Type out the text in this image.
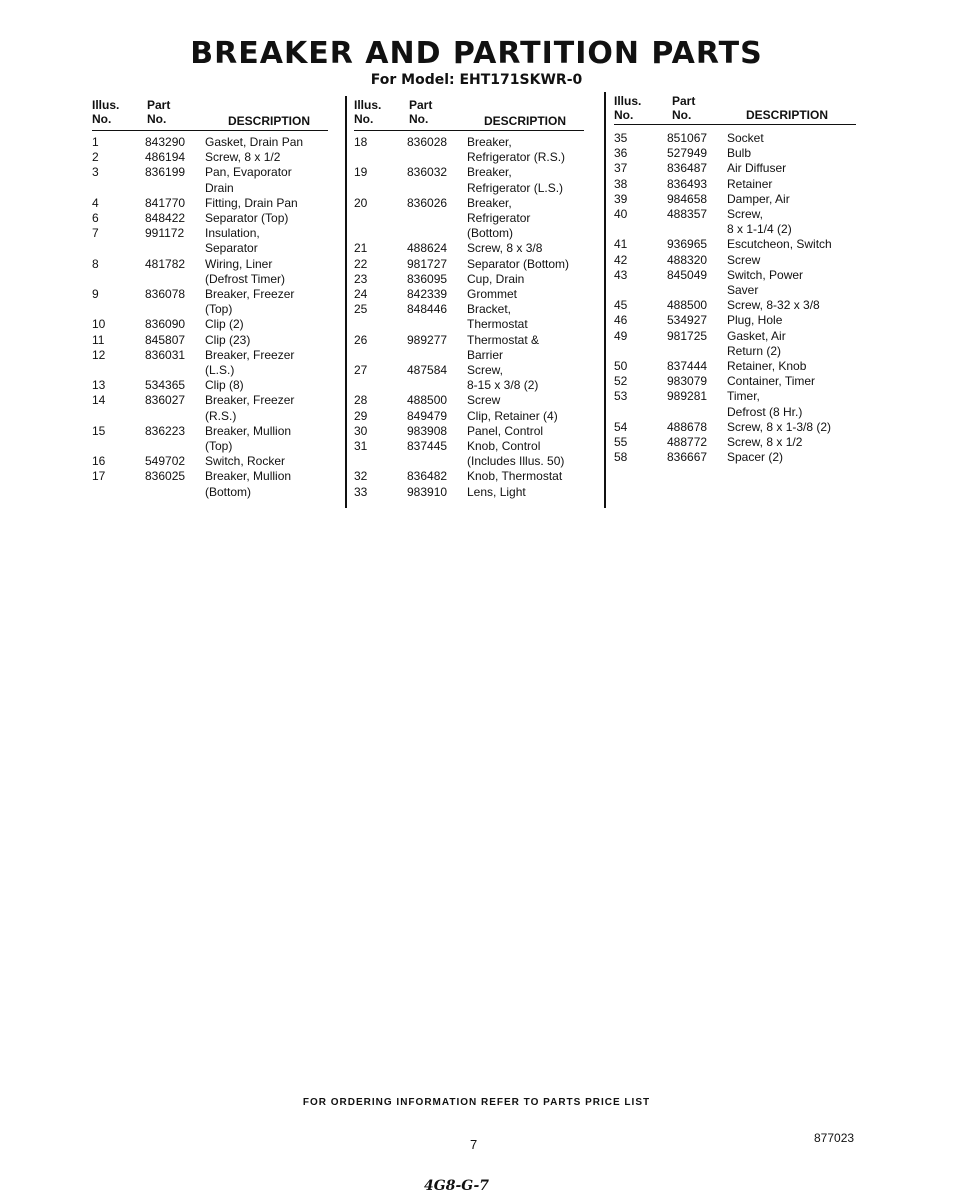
BREAKER AND PARTITION PARTS
For Model: EHT171SKWR-0
Illus. No.
Part No.	DESCRIPTION
1	843290	Gasket, Drain Pan
2	486194	Screw, 8 x 1/2
3	836199	Pan, Evaporator
Drain
4	841770	Fitting, Drain Pan
6	848422	Separator (Top)
7	991172	Insulation,
Separator
8	481782	Wiring, Liner
(Defrost Timer)
9	836078	Breaker, Freezer
(Top)
10	836090	Clip (2)
11	845807	Clip (23)
12	836031	Breaker, Freezer
(L.S.)
13	534365	Clip (8)
14	836027	Breaker, Freezer
(R.S.)
15	836223	Breaker, Mullion
(Top)
16	549702	Switch, Rocker
17	836025	Breaker, Mullion
(Bottom)
Illus. No.
Part No.	DESCRIPTION
18	836028	Breaker,
Refrigerator (R.S.)
19	836032	Breaker,
Refrigerator (L.S.)
20	836026	Breaker,
Refrigerator
(Bottom)
21	488624	Screw, 8 x 3/8
22	981727	Separator (Bottom)
23	836095	Cup, Drain
24	842339	Grommet
25	848446	Bracket,
Thermostat
26	989277	Thermostat &
Barrier
27	487584	Screw,
8-15 x 3/8 (2)
28	488500	Screw
29	849479	Clip, Retainer (4)
30	983908	Panel, Control
31	837445	Knob, Control
(Includes Illus. 50)
32	836482	Knob, Thermostat
33	983910	Lens, Light
Illus. No.
Part No.	DESCRIPTION
35	851067	Socket
36	527949	Bulb
37	836487	Air Diffuser
38	836493	Retainer
39	984658	Damper, Air
40	488357	Screw,
8 x 1-1/4 (2)
41	936965	Escutcheon, Switch
42	488320	Screw
43	845049	Switch, Power
Saver
45	488500	Screw, 8-32 x 3/8
46	534927	Plug, Hole
49	981725	Gasket, Air
Return (2)
50	837444	Retainer, Knob
52	983079	Container, Timer
53	989281	Timer,
Defrost (8 Hr.)
54	488678	Screw, 8 x 1-3/8 (2)
55	488772	Screw, 8 x 1/2
58	836667	Spacer (2)
FOR ORDERING INFORMATION REFER TO PARTS PRICE LIST
7	877023
4G8-G-7
